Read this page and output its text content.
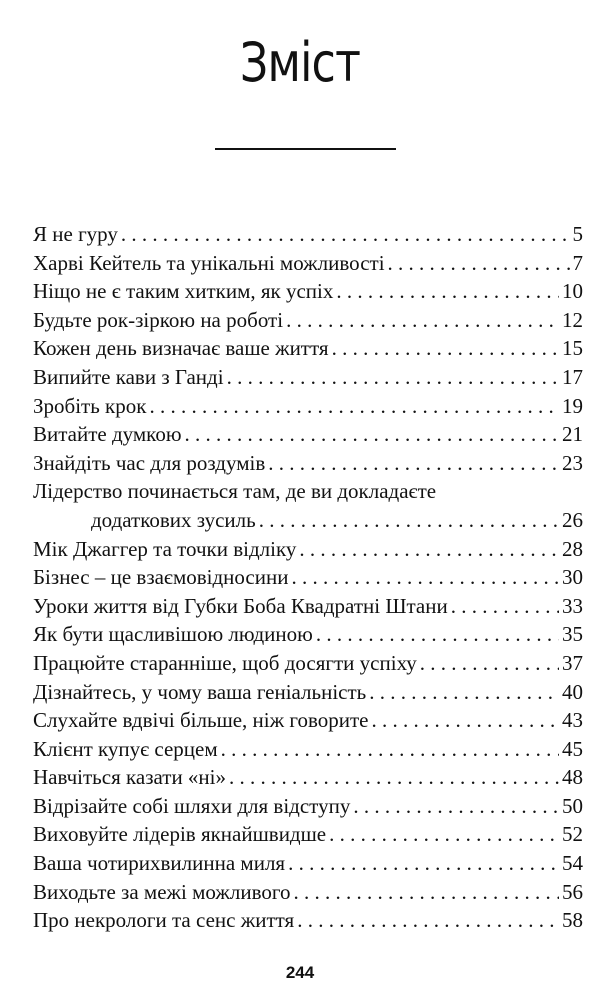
Зміст
Я не гуру . . .	5
Харві Кейтель та унікальні можливості . . .	7
Ніщо не є таким хитким, як успіх . . .	10
Будьте рок-зіркою на роботі . . .	12
Кожен день визначає ваше життя . . .	15
Випийте кави з Ганді . . .	17
Зробіть крок . . .	19
Витайте думкою . . .	21
Знайдіть час для роздумів . . .	23
Лідерство починається там, де ви докладаєте
додаткових зусиль . . .	26
Мік Джаггер та точки відліку . . .	28
Бізнес – це взаємовідносини . . .	30
Уроки життя від Губки Боба Квадратні Штани . . .	33
Як бути щасливішою людиною . . .	35
Працюйте старанніше, щоб досягти успіху . . .	37
Дізнайтесь, у чому ваша геніальність . . .	40
Слухайте вдвічі більше, ніж говорите . . .	43
Клієнт купує серцем . . .	45
Навчіться казати «ні» . . .	48
Відрізайте собі шляхи для відступу . . .	50
Виховуйте лідерів якнайшвидше . . .	52
Ваша чотирихвилинна миля . . .	54
Виходьте за межі можливого . . .	56
Про некрологи та сенс життя . . .	58
244
